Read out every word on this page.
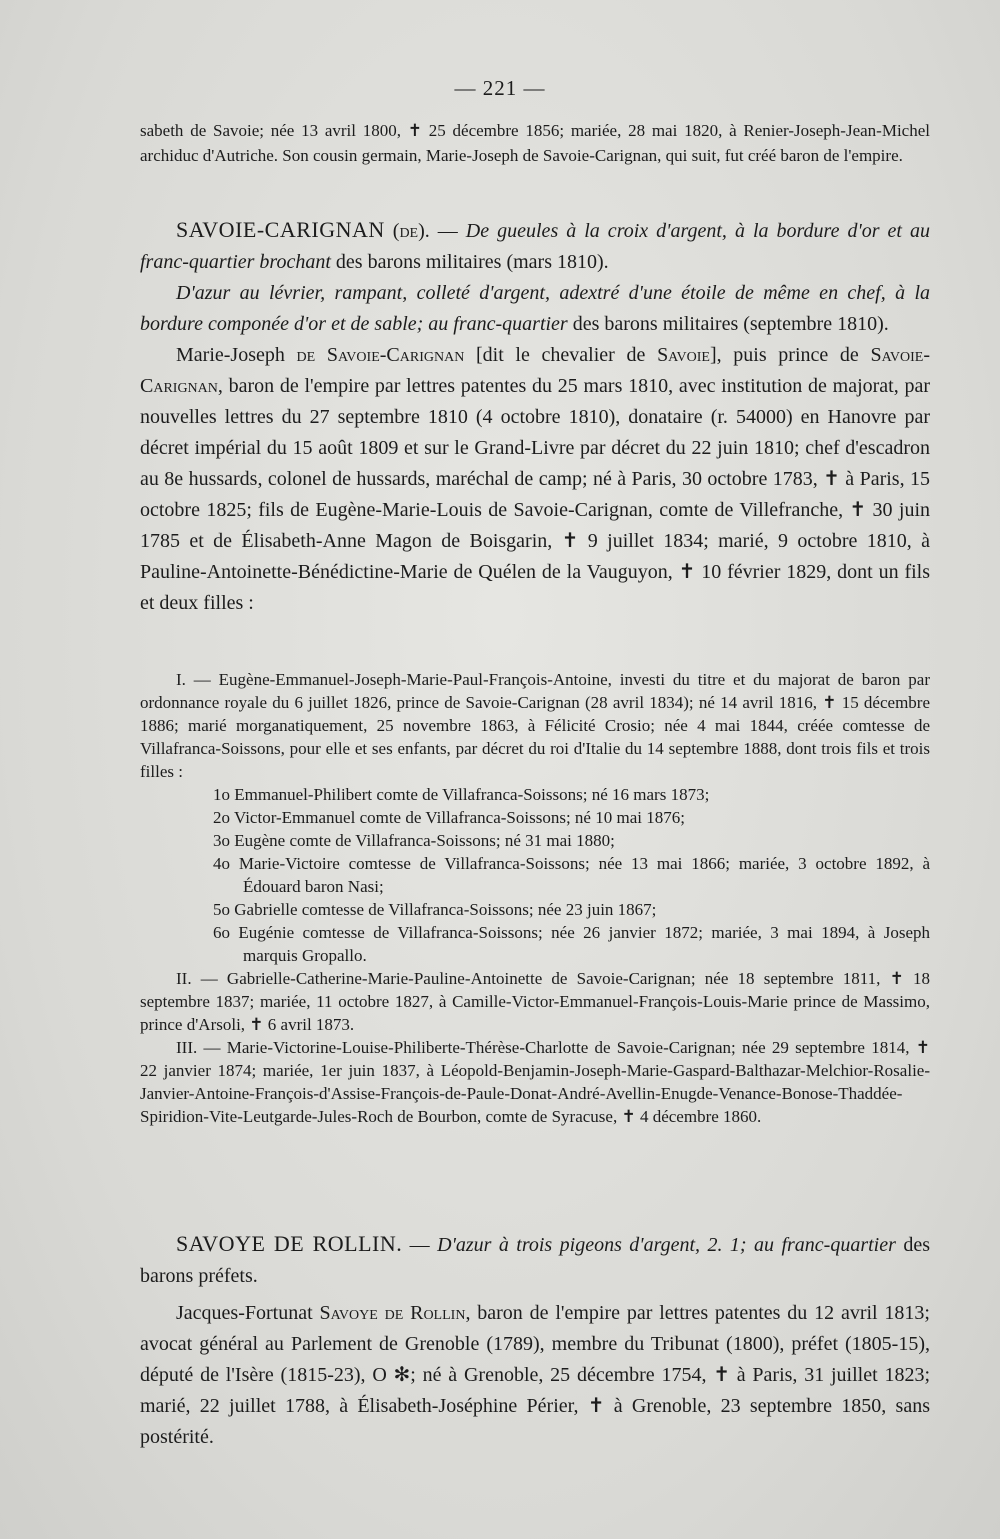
— 221 —

sabeth de Savoie; née 13 avril 1800, ✝ 25 décembre 1856; mariée, 28 mai 1820, à Renier-Joseph-Jean-Michel archiduc d'Autriche. Son cousin germain, Marie-Joseph de Savoie-Carignan, qui suit, fut créé baron de l'empire.

SAVOIE-CARIGNAN (de). — De gueules à la croix d'argent, à la bordure d'or et au franc-quartier brochant des barons militaires (mars 1810).

D'azur au lévrier, rampant, colleté d'argent, adextré d'une étoile de même en chef, à la bordure componée d'or et de sable; au franc-quartier des barons militaires (septembre 1810).

Marie-Joseph de Savoie-Carignan [dit le chevalier de Savoie], puis prince de Savoie-Carignan, baron de l'empire par lettres patentes du 25 mars 1810, avec institution de majorat, par nouvelles lettres du 27 septembre 1810 (4 octobre 1810), donataire (r. 54000) en Hanovre par décret impérial du 15 août 1809 et sur le Grand-Livre par décret du 22 juin 1810; chef d'escadron au 8e hussards, colonel de hussards, maréchal de camp; né à Paris, 30 octobre 1783, ✝ à Paris, 15 octobre 1825; fils de Eugène-Marie-Louis de Savoie-Carignan, comte de Villefranche, ✝ 30 juin 1785 et de Élisabeth-Anne Magon de Boisgarin, ✝ 9 juillet 1834; marié, 9 octobre 1810, à Pauline-Antoinette-Bénédictine-Marie de Quélen de la Vauguyon, ✝ 10 février 1829, dont un fils et deux filles :

I. — Eugène-Emmanuel-Joseph-Marie-Paul-François-Antoine, investi du titre et du majorat de baron par ordonnance royale du 6 juillet 1826, prince de Savoie-Carignan (28 avril 1834); né 14 avril 1816, ✝ 15 décembre 1886; marié morganatiquement, 25 novembre 1863, à Félicité Crosio; née 4 mai 1844, créée comtesse de Villafranca-Soissons, pour elle et ses enfants, par décret du roi d'Italie du 14 septembre 1888, dont trois fils et trois filles :

1o Emmanuel-Philibert comte de Villafranca-Soissons; né 16 mars 1873;

2o Victor-Emmanuel comte de Villafranca-Soissons; né 10 mai 1876;

3o Eugène comte de Villafranca-Soissons; né 31 mai 1880;

4o Marie-Victoire comtesse de Villafranca-Soissons; née 13 mai 1866; mariée, 3 octobre 1892, à Édouard baron Nasi;

5o Gabrielle comtesse de Villafranca-Soissons; née 23 juin 1867;

6o Eugénie comtesse de Villafranca-Soissons; née 26 janvier 1872; mariée, 3 mai 1894, à Joseph marquis Gropallo.

II. — Gabrielle-Catherine-Marie-Pauline-Antoinette de Savoie-Carignan; née 18 septembre 1811, ✝ 18 septembre 1837; mariée, 11 octobre 1827, à Camille-Victor-Emmanuel-François-Louis-Marie prince de Massimo, prince d'Arsoli, ✝ 6 avril 1873.

III. — Marie-Victorine-Louise-Philiberte-Thérèse-Charlotte de Savoie-Carignan; née 29 septembre 1814, ✝ 22 janvier 1874; mariée, 1er juin 1837, à Léopold-Benjamin-Joseph-Marie-Gaspard-Balthazar-Melchior-Rosalie-Janvier-Antoine-François-d'Assise-François-de-Paule-Donat-André-Avellin-Enugde-Venance-Bonose-Thaddée-Spiridion-Vite-Leutgarde-Jules-Roch de Bourbon, comte de Syracuse, ✝ 4 décembre 1860.

SAVOYE DE ROLLIN. — D'azur à trois pigeons d'argent, 2. 1; au franc-quartier des barons préfets.

Jacques-Fortunat Savoye de Rollin, baron de l'empire par lettres patentes du 12 avril 1813; avocat général au Parlement de Grenoble (1789), membre du Tribunat (1800), préfet (1805-15), député de l'Isère (1815-23), O ✻; né à Grenoble, 25 décembre 1754, ✝ à Paris, 31 juillet 1823; marié, 22 juillet 1788, à Élisabeth-Joséphine Périer, ✝ à Grenoble, 23 septembre 1850, sans postérité.
